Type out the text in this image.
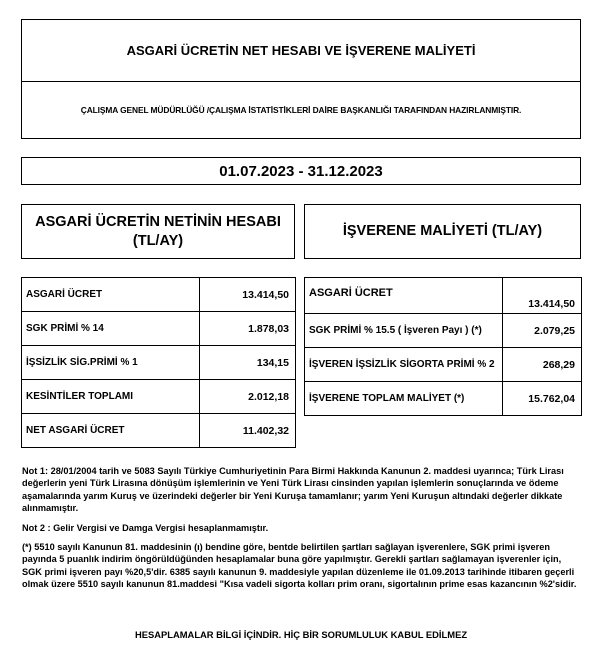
ASGARİ ÜCRETİN NET HESABI VE İŞVERENE MALİYETİ
ÇALIŞMA GENEL MÜDÜRLÜĞÜ /ÇALIŞMA İSTATİSTİKLERİ DAİRE BAŞKANLIĞI TARAFINDAN HAZIRLANMIŞTIR.
01.07.2023 - 31.12.2023
ASGARİ ÜCRETİN NETİNİN HESABI
(TL/AY)
İŞVERENE MALİYETİ (TL/AY)
ASGARİ ÜCRET	13.414,50
SGK PRİMİ % 14	1.878,03
İŞSİZLİK SİG.PRİMİ % 1	134,15
KESİNTİLER TOPLAMI	2.012,18
NET ASGARİ ÜCRET	11.402,32
ASGARİ ÜCRET	13.414,50
SGK PRİMİ % 15.5 ( İşveren Payı ) (*)	2.079,25
İŞVEREN İŞSİZLİK SİGORTA PRİMİ % 2	268,29
İŞVERENE TOPLAM MALİYET (*)	15.762,04

Not 1: 28/01/2004 tarih ve 5083 Sayılı Türkiye Cumhuriyetinin Para Birmi Hakkında Kanunun 2. maddesi uyarınca; Türk Lirası değerlerin yeni Türk Lirasına dönüşüm işlemlerinin ve Yeni Türk Lirası cinsinden yapılan işlemlerin sonuçlarında ve ödeme aşamalarında yarım Kuruş ve üzerindeki değerler bir Yeni Kuruşa tamamlanır; yarım Yeni Kuruşun altındaki değerler dikkate alınmamıştır.

Not 2 : Gelir Vergisi ve Damga Vergisi hesaplanmamıştır.

(*) 5510 sayılı Kanunun 81. maddesinin (ı) bendine göre, bentde belirtilen şartları sağlayan işverenlere, SGK primi işveren payında 5 puanlık indirim öngörüldüğünden hesaplamalar buna göre yapılmıştır. Gerekli şartları sağlamayan işverenler için, SGK primi işveren payı %20,5'dir. 6385 sayılı kanunun 9. maddesiyle yapılan düzenleme ile 01.09.2013 tarihinde itibaren geçerli olmak üzere 5510 sayılı kanunun 81.maddesi "Kısa vadeli sigorta kolları prim oranı, sigortalının prime esas kazancının %2'sidir.

HESAPLAMALAR BİLGİ İÇİNDİR. HİÇ BİR SORUMLULUK KABUL EDİLMEZ
